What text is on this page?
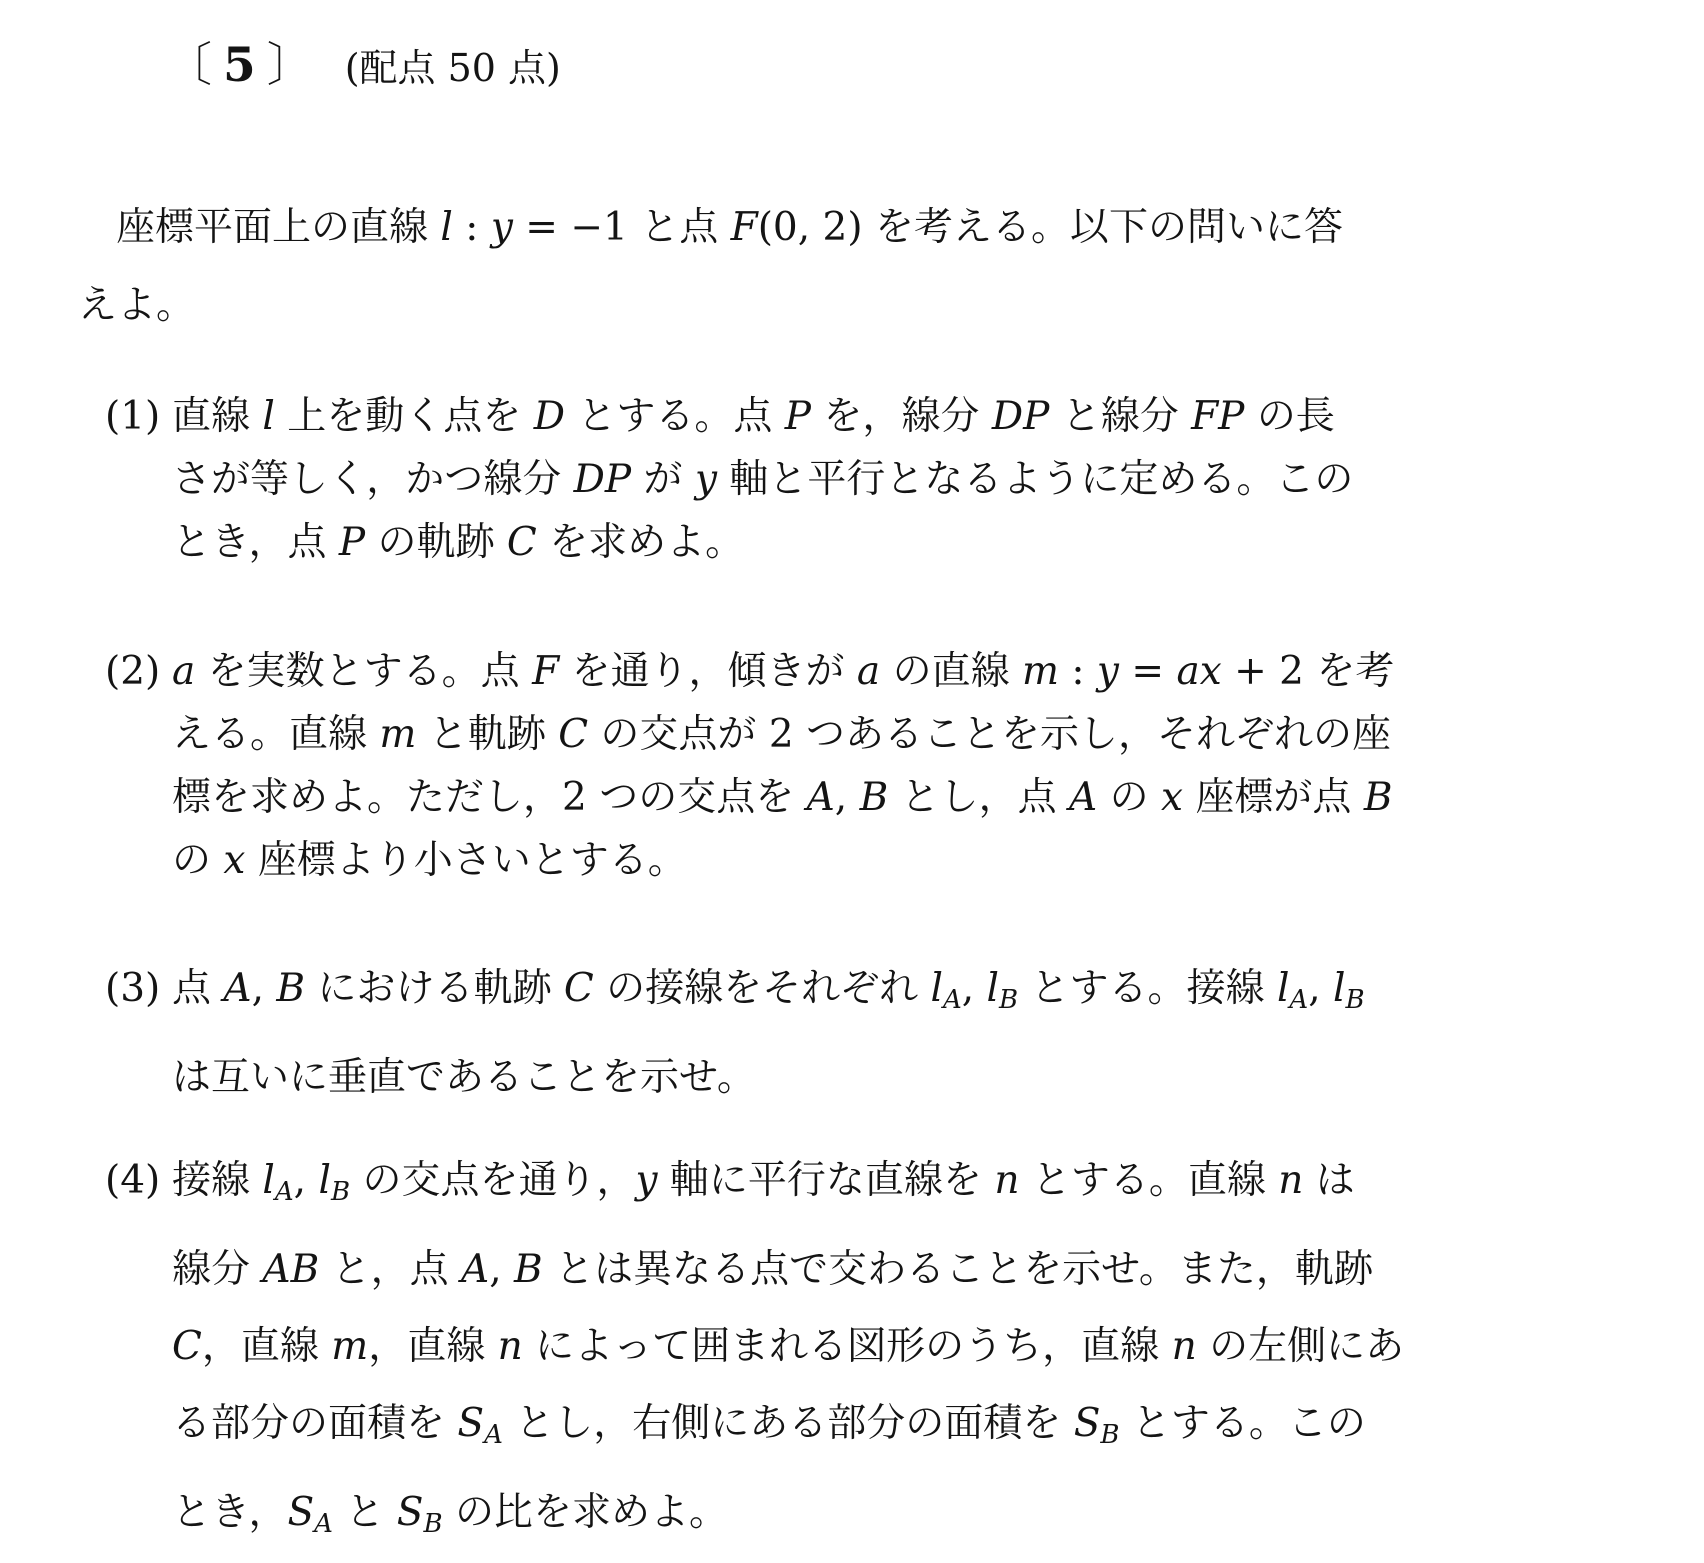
〔 5 〕 (配点 50 点)
座標平面上の直線 l : y = −1 と点 F(0, 2) を考える。以下の問いに答
えよ。
(1) 直線 l 上を動く点を D とする。点 P を，線分 DP と線分 FP の長
さが等しく，かつ線分 DP が y 軸と平行となるように定める。この
とき，点 P の軌跡 C を求めよ。
(2) a を実数とする。点 F を通り，傾きが a の直線 m : y = ax + 2 を考
える。直線 m と軌跡 C の交点が 2 つあることを示し，それぞれの座
標を求めよ。ただし，2 つの交点を A, B とし，点 A の x 座標が点 B
の x 座標より小さいとする。
(3) 点 A, B における軌跡 C の接線をそれぞれ lA, lB とする。接線 lA, lB
は互いに垂直であることを示せ。
(4) 接線 lA, lB の交点を通り，y 軸に平行な直線を n とする。直線 n は
線分 AB と，点 A, B とは異なる点で交わることを示せ。また，軌跡
C，直線 m，直線 n によって囲まれる図形のうち，直線 n の左側にあ
る部分の面積を SA とし，右側にある部分の面積を SB とする。この
とき，SA と SB の比を求めよ。
